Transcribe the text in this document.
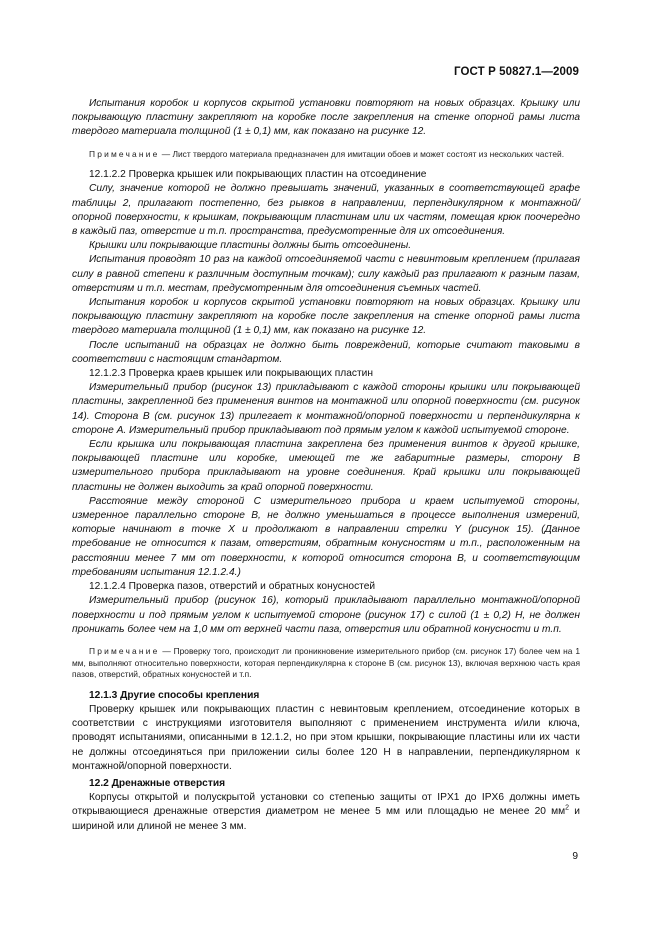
ГОСТ Р 50827.1—2009

Испытания коробок и корпусов скрытой установки повторяют на новых образцах. Крышку или покрывающую пластину закрепляют на коробке после закрепления на стенке опорной рамы листа твердого материала толщиной (1 ± 0,1) мм, как показано на рисунке 12.

Примечание — Лист твердого материала предназначен для имитации обоев и может состоят из нескольких частей.

12.1.2.2 Проверка крышек или покрывающих пластин на отсоединение

Силу, значение которой не должно превышать значений, указанных в соответствующей графе таблицы 2, прилагают постепенно, без рывков в направлении, перпендикулярном к монтажной/опорной поверхности, к крышкам, покрывающим пластинам или их частям, помещая крюк поочередно в каждый паз, отверстие и т.п. пространства, предусмотренные для их отсоединения.

Крышки или покрывающие пластины должны быть отсоединены.

Испытания проводят 10 раз на каждой отсоединяемой части с невинтовым креплением (прилагая силу в равной степени к различным доступным точкам); силу каждый раз прилагают к разным пазам, отверстиям и т.п. местам, предусмотренным для отсоединения съемных частей.

Испытания коробок и корпусов скрытой установки повторяют на новых образцах. Крышку или покрывающую пластину закрепляют на коробке после закрепления на стенке опорной рамы листа твердого материала толщиной (1 ± 0,1) мм, как показано на рисунке 12.

После испытаний на образцах не должно быть повреждений, которые считают таковыми в соответствии с настоящим стандартом.

12.1.2.3 Проверка краев крышек или покрывающих пластин

Измерительный прибор (рисунок 13) прикладывают с каждой стороны крышки или покрывающей пластины, закрепленной без применения винтов на монтажной или опорной поверхности (см. рисунок 14). Сторона В (см. рисунок 13) прилегает к монтажной/опорной поверхности и перпендикулярна к стороне А. Измерительный прибор прикладывают под прямым углом к каждой испытуемой стороне.

Если крышка или покрывающая пластина закреплена без применения винтов к другой крышке, покрывающей пластине или коробке, имеющей те же габаритные размеры, сторону В измерительного прибора прикладывают на уровне соединения. Край крышки или покрывающей пластины не должен выходить за край опорной поверхности.

Расстояние между стороной С измерительного прибора и краем испытуемой стороны, измеренное параллельно стороне В, не должно уменьшаться в процессе выполнения измерений, которые начинают в точке X и продолжают в направлении стрелки Y (рисунок 15). (Данное требование не относится к пазам, отверстиям, обратным конусностям и т.п., расположенным на расстоянии менее 7 мм от поверхности, к которой относится сторона В, и соответствующим требованиям испытания 12.1.2.4.)

12.1.2.4 Проверка пазов, отверстий и обратных конусностей

Измерительный прибор (рисунок 16), который прикладывают параллельно монтажной/опорной поверхности и под прямым углом к испытуемой стороне (рисунок 17) с силой (1 ± 0,2) Н, не должен проникать более чем на 1,0 мм от верхней части паза, отверстия или обратной конусности и т.п.

Примечание — Проверку того, происходит ли проникновение измерительного прибор (см. рисунок 17) более чем на 1 мм, выполняют относительно поверхности, которая перпендикулярна к стороне В (см. рисунок 13), включая верхнюю часть края пазов, отверстий, обратных конусностей и т.п.

12.1.3 Другие способы крепления

Проверку крышек или покрывающих пластин с невинтовым креплением, отсоединение которых в соответствии с инструкциями изготовителя выполняют с применением инструмента и/или ключа, проводят испытаниями, описанными в 12.1.2, но при этом крышки, покрывающие пластины или их части не должны отсоединяться при приложении силы более 120 Н в направлении, перпендикулярном к монтажной/опорной поверхности.

12.2 Дренажные отверстия

Корпусы открытой и полускрытой установки со степенью защиты от IPX1 до IPX6 должны иметь открывающиеся дренажные отверстия диаметром не менее 5 мм или площадью не менее 20 $мм^2$ и шириной или длиной не менее 3 мм.

9
